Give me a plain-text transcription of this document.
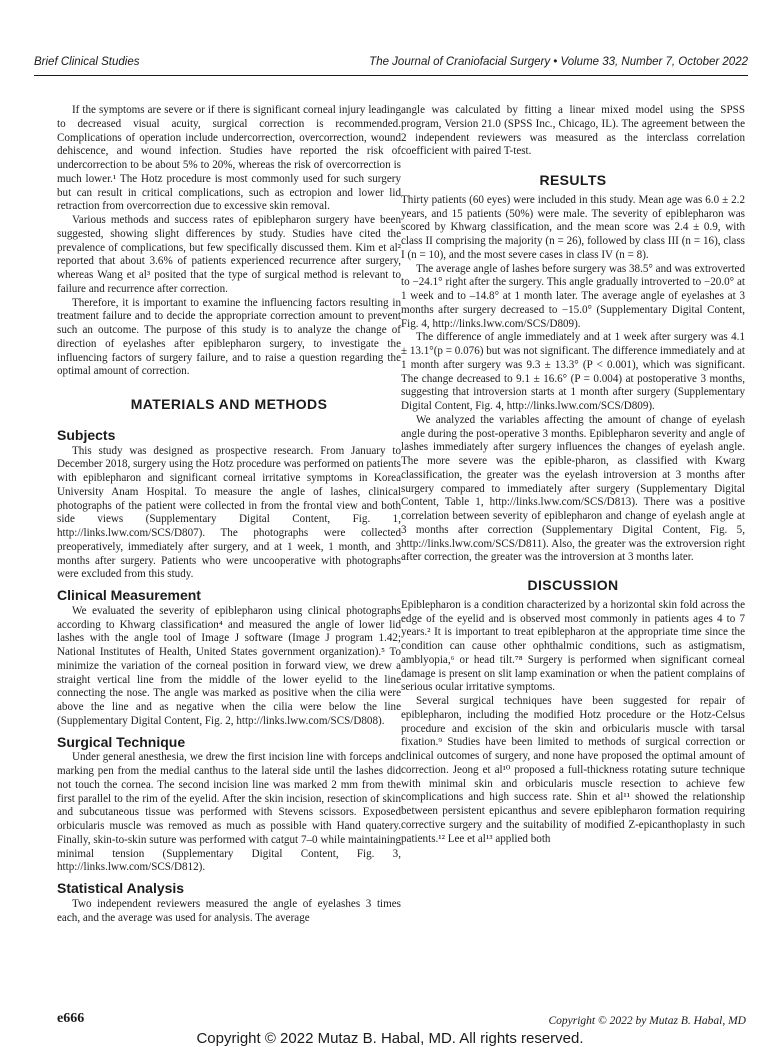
Brief Clinical Studies	The Journal of Craniofacial Surgery • Volume 33, Number 7, October 2022

If the symptoms are severe or if there is significant corneal injury leading to decreased visual acuity, surgical correction is recommended. Complications of operation include undercorrection, overcorrection, wound dehiscence, and wound infection. Studies have reported the risk of undercorrection to be about 5% to 20%, whereas the risk of overcorrection is much lower.¹ The Hotz procedure is most commonly used for such surgery but can result in critical complications, such as ectropion and lower lid retraction from overcorrection due to excessive skin removal.

Various methods and success rates of epiblepharon surgery have been suggested, showing slight differences by study. Studies have cited the prevalence of complications, but few specifically discussed them. Kim et al² reported that about 3.6% of patients experienced recurrence after surgery, whereas Wang et al³ posited that the type of surgical method is relevant to failure and recurrence after correction.

Therefore, it is important to examine the influencing factors resulting in treatment failure and to decide the appropriate correction amount to prevent such an outcome. The purpose of this study is to analyze the change of direction of eyelashes after epiblepharon surgery, to investigate the influencing factors of surgery failure, and to raise a question regarding the optimal amount of correction.

MATERIALS AND METHODS
Subjects

This study was designed as prospective research. From January to December 2018, surgery using the Hotz procedure was performed on patients with epiblepharon and significant corneal irritative symptoms in Korea University Anam Hospital. To measure the angle of lashes, clinical photographs of the patient were collected in from the frontal view and both side views (Supplementary Digital Content, Fig. 1, http://links.lww.com/SCS/D807). The photographs were collected preoperatively, immediately after surgery, and at 1 week, 1 month, and 3 months after surgery. Patients who were uncooperative with photographs were excluded from this study.

Clinical Measurement

We evaluated the severity of epiblepharon using clinical photographs according to Khwarg classification⁴ and measured the angle of lower lid lashes with the angle tool of Image J software (Image J program 1.42; National Institutes of Health, United States government organization).⁵ To minimize the variation of the corneal position in forward view, we drew a straight vertical line from the middle of the lower eyelid to the line connecting the nose. The angle was marked as positive when the cilia were above the line and as negative when the cilia were below the line (Supplementary Digital Content, Fig. 2, http://links.lww.com/SCS/D808).

Surgical Technique

Under general anesthesia, we drew the first incision line with forceps and marking pen from the medial canthus to the lateral side until the lashes did not touch the cornea. The second incision line was marked 2 mm from the first parallel to the rim of the eyelid. After the skin incision, resection of skin and subcutaneous tissue was performed with Stevens scissors. Exposed orbicularis muscle was removed as much as possible with Hand quatery. Finally, skin-to-skin suture was performed with catgut 7–0 while maintaining minimal tension (Supplementary Digital Content, Fig. 3, http://links.lww.com/SCS/D812).

Statistical Analysis

Two independent reviewers measured the angle of eyelashes 3 times each, and the average was used for analysis. The average

angle was calculated by fitting a linear mixed model using the SPSS program, Version 21.0 (SPSS Inc., Chicago, IL). The agreement between the 2 independent reviewers was measured as the interclass correlation coefficient with paired T-test.

RESULTS

Thirty patients (60 eyes) were included in this study. Mean age was 6.0 ± 2.2 years, and 15 patients (50%) were male. The severity of epiblepharon was scored by Khwarg classification, and the mean score was 2.4 ± 0.9, with class II comprising the majority (n = 26), followed by class III (n = 16), class I (n = 10), and the most severe cases in class IV (n = 8).

The average angle of lashes before surgery was 38.5° and was extroverted to −24.1° right after the surgery. This angle gradually introverted to −20.0° at 1 week and to –14.8° at 1 month later. The average angle of eyelashes at 3 months after surgery decreased to −15.0° (Supplementary Digital Content, Fig. 4, http://links.lww.com/SCS/D809).

The difference of angle immediately and at 1 week after surgery was 4.1 ± 13.1°(p = 0.076) but was not significant. The difference immediately and at 1 month after surgery was 9.3 ± 13.3° (P < 0.001), which was significant. The change decreased to 9.1 ± 16.6° (P = 0.004) at postoperative 3 months, suggesting that introversion starts at 1 month after surgery (Supplementary Digital Content, Fig. 4, http://links.lww.com/SCS/D809).

We analyzed the variables affecting the amount of change of eyelash angle during the post-operative 3 months. Epiblepharon severity and angle of lashes immediately after surgery influences the changes of eyelash angle. The more severe was the epible-pharon, as classified with Kwarg classification, the greater was the eyelash introversion at 3 months after surgery compared to immediately after surgery (Supplementary Digital Content, Table 1, http://links.lww.com/SCS/D813). There was a positive correlation between severity of epiblepharon and change of eyelash angle at 3 months after correction (Supplementary Digital Content, Fig. 5, http://links.lww.com/SCS/D811). Also, the greater was the extroversion right after correction, the greater was the introversion at 3 months later.

DISCUSSION

Epiblepharon is a condition characterized by a horizontal skin fold across the edge of the eyelid and is observed most commonly in patients ages 4 to 7 years.² It is important to treat epiblepharon at the appropriate time since the condition can cause other ophthalmic conditions, such as astigmatism, amblyopia,⁶ or head tilt.⁷⁸ Surgery is performed when significant corneal damage is present on slit lamp examination or when the patient complains of serious ocular irritative symptoms.

Several surgical techniques have been suggested for repair of epiblepharon, including the modified Hotz procedure or the Hotz-Celsus procedure and excision of the skin and orbicularis muscle with tarsal fixation.⁹ Studies have been limited to methods of surgical correction or clinical outcomes of surgery, and none have proposed the optimal amount of correction. Jeong et al¹⁰ proposed a full-thickness rotating suture technique with minimal skin and orbicularis muscle resection to achieve few complications and high success rate. Shin et al¹¹ showed the relationship between persistent epicanthus and severe epiblepharon formation requiring corrective surgery and the suitability of modified Z-epicanthoplasty in such patients.¹² Lee et al¹³ applied both

e666	Copyright © 2022 by Mutaz B. Habal, MD
Copyright © 2022 Mutaz B. Habal, MD. All rights reserved.
